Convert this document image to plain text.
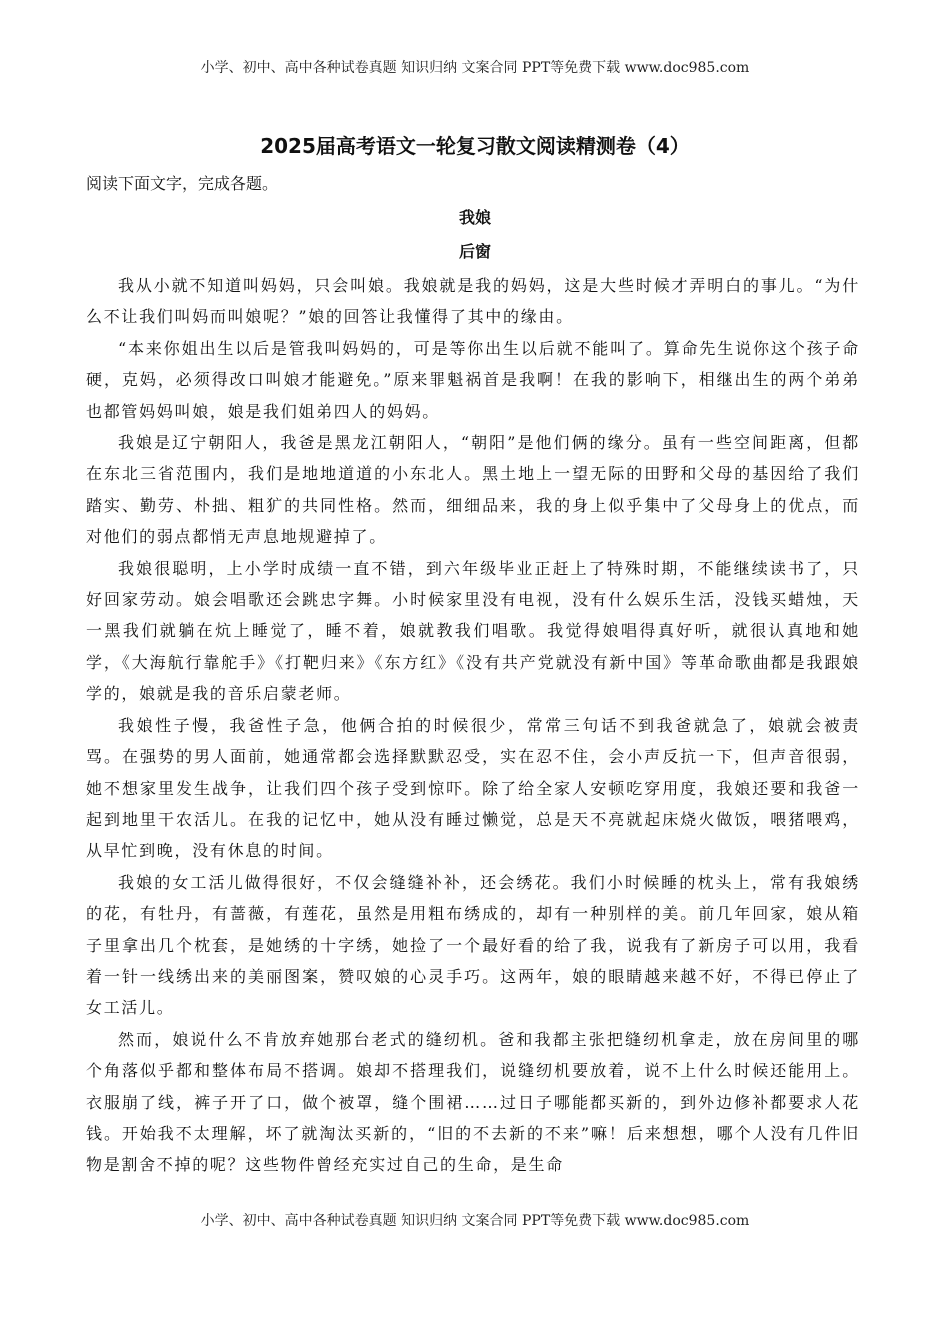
小学、初中、高中各种试卷真题 知识归纳 文案合同 PPT等免费下载 www.doc985.com
2025届高考语文一轮复习散文阅读精测卷（4）
阅读下面文字，完成各题。
我娘
后窗

我从小就不知道叫妈妈，只会叫娘。我娘就是我的妈妈，这是大些时候才弄明白的事儿。“为什么不让我们叫妈而叫娘呢？”娘的回答让我懂得了其中的缘由。

“本来你姐出生以后是管我叫妈妈的，可是等你出生以后就不能叫了。算命先生说你这个孩子命硬，克妈，必须得改口叫娘才能避免。”原来罪魁祸首是我啊！在我的影响下，相继出生的两个弟弟也都管妈妈叫娘，娘是我们姐弟四人的妈妈。

我娘是辽宁朝阳人，我爸是黑龙江朝阳人，“朝阳”是他们俩的缘分。虽有一些空间距离，但都在东北三省范围内，我们是地地道道的小东北人。黑土地上一望无际的田野和父母的基因给了我们踏实、勤劳、朴拙、粗犷的共同性格。然而，细细品来，我的身上似乎集中了父母身上的优点，而对他们的弱点都悄无声息地规避掉了。

我娘很聪明，上小学时成绩一直不错，到六年级毕业正赶上了特殊时期，不能继续读书了，只好回家劳动。娘会唱歌还会跳忠字舞。小时候家里没有电视，没有什么娱乐生活，没钱买蜡烛，天一黑我们就躺在炕上睡觉了，睡不着，娘就教我们唱歌。我觉得娘唱得真好听，就很认真地和她学，《大海航行靠舵手》《打靶归来》《东方红》《没有共产党就没有新中国》等革命歌曲都是我跟娘学的，娘就是我的音乐启蒙老师。

我娘性子慢，我爸性子急，他俩合拍的时候很少，常常三句话不到我爸就急了，娘就会被责骂。在强势的男人面前，她通常都会选择默默忍受，实在忍不住，会小声反抗一下，但声音很弱，她不想家里发生战争，让我们四个孩子受到惊吓。除了给全家人安顿吃穿用度，我娘还要和我爸一起到地里干农活儿。在我的记忆中，她从没有睡过懒觉，总是天不亮就起床烧火做饭，喂猪喂鸡，从早忙到晚，没有休息的时间。

我娘的女工活儿做得很好，不仅会缝缝补补，还会绣花。我们小时候睡的枕头上，常有我娘绣的花，有牡丹，有蔷薇，有莲花，虽然是用粗布绣成的，却有一种别样的美。前几年回家，娘从箱子里拿出几个枕套，是她绣的十字绣，她捡了一个最好看的给了我，说我有了新房子可以用，我看着一针一线绣出来的美丽图案，赞叹娘的心灵手巧。这两年，娘的眼睛越来越不好，不得已停止了女工活儿。

然而，娘说什么不肯放弃她那台老式的缝纫机。爸和我都主张把缝纫机拿走，放在房间里的哪个角落似乎都和整体布局不搭调。娘却不搭理我们，说缝纫机要放着，说不上什么时候还能用上。衣服崩了线，裤子开了口，做个被罩，缝个围裙……过日子哪能都买新的，到外边修补都要求人花钱。开始我不太理解，坏了就淘汰买新的，“旧的不去新的不来”嘛！后来想想，哪个人没有几件旧物是割舍不掉的呢？这些物件曾经充实过自己的生命，是生命

小学、初中、高中各种试卷真题 知识归纳 文案合同 PPT等免费下载 www.doc985.com
